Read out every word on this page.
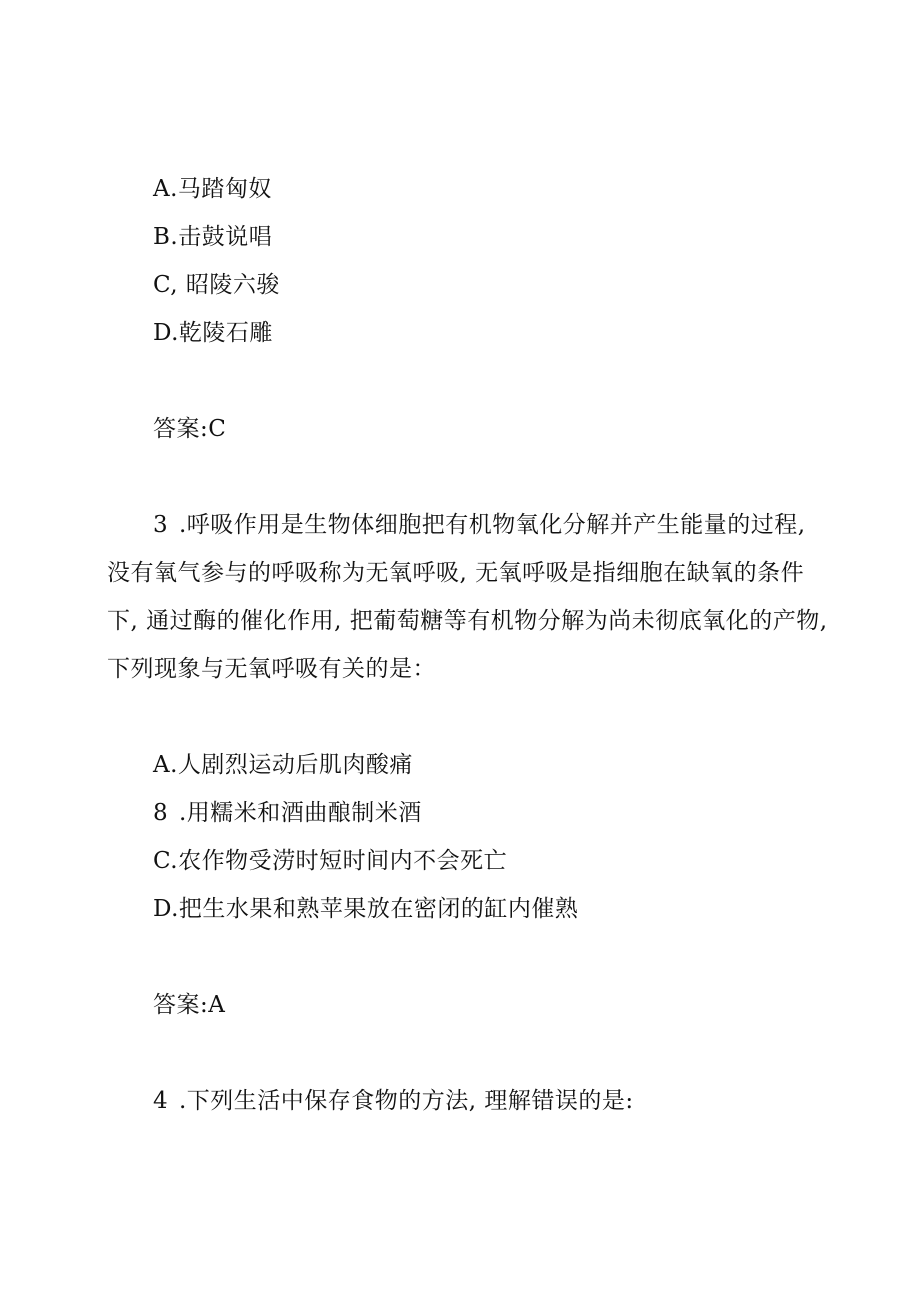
A.马踏匈奴
B.击鼓说唱
C, 昭陵六骏
D.乾陵石雕
答案:C
3 .呼吸作用是生物体细胞把有机物氧化分解并产生能量的过程,
没有氧气参与的呼吸称为无氧呼吸, 无氧呼吸是指细胞在缺氧的条件
下, 通过酶的催化作用, 把葡萄糖等有机物分解为尚未彻底氧化的产物,
下列现象与无氧呼吸有关的是：
A.人剧烈运动后肌肉酸痛
8 .用糯米和酒曲酿制米酒
C.农作物受涝时短时间内不会死亡
D.把生水果和熟苹果放在密闭的缸内催熟
答案:A
4 .下列生活中保存食物的方法, 理解错误的是:
